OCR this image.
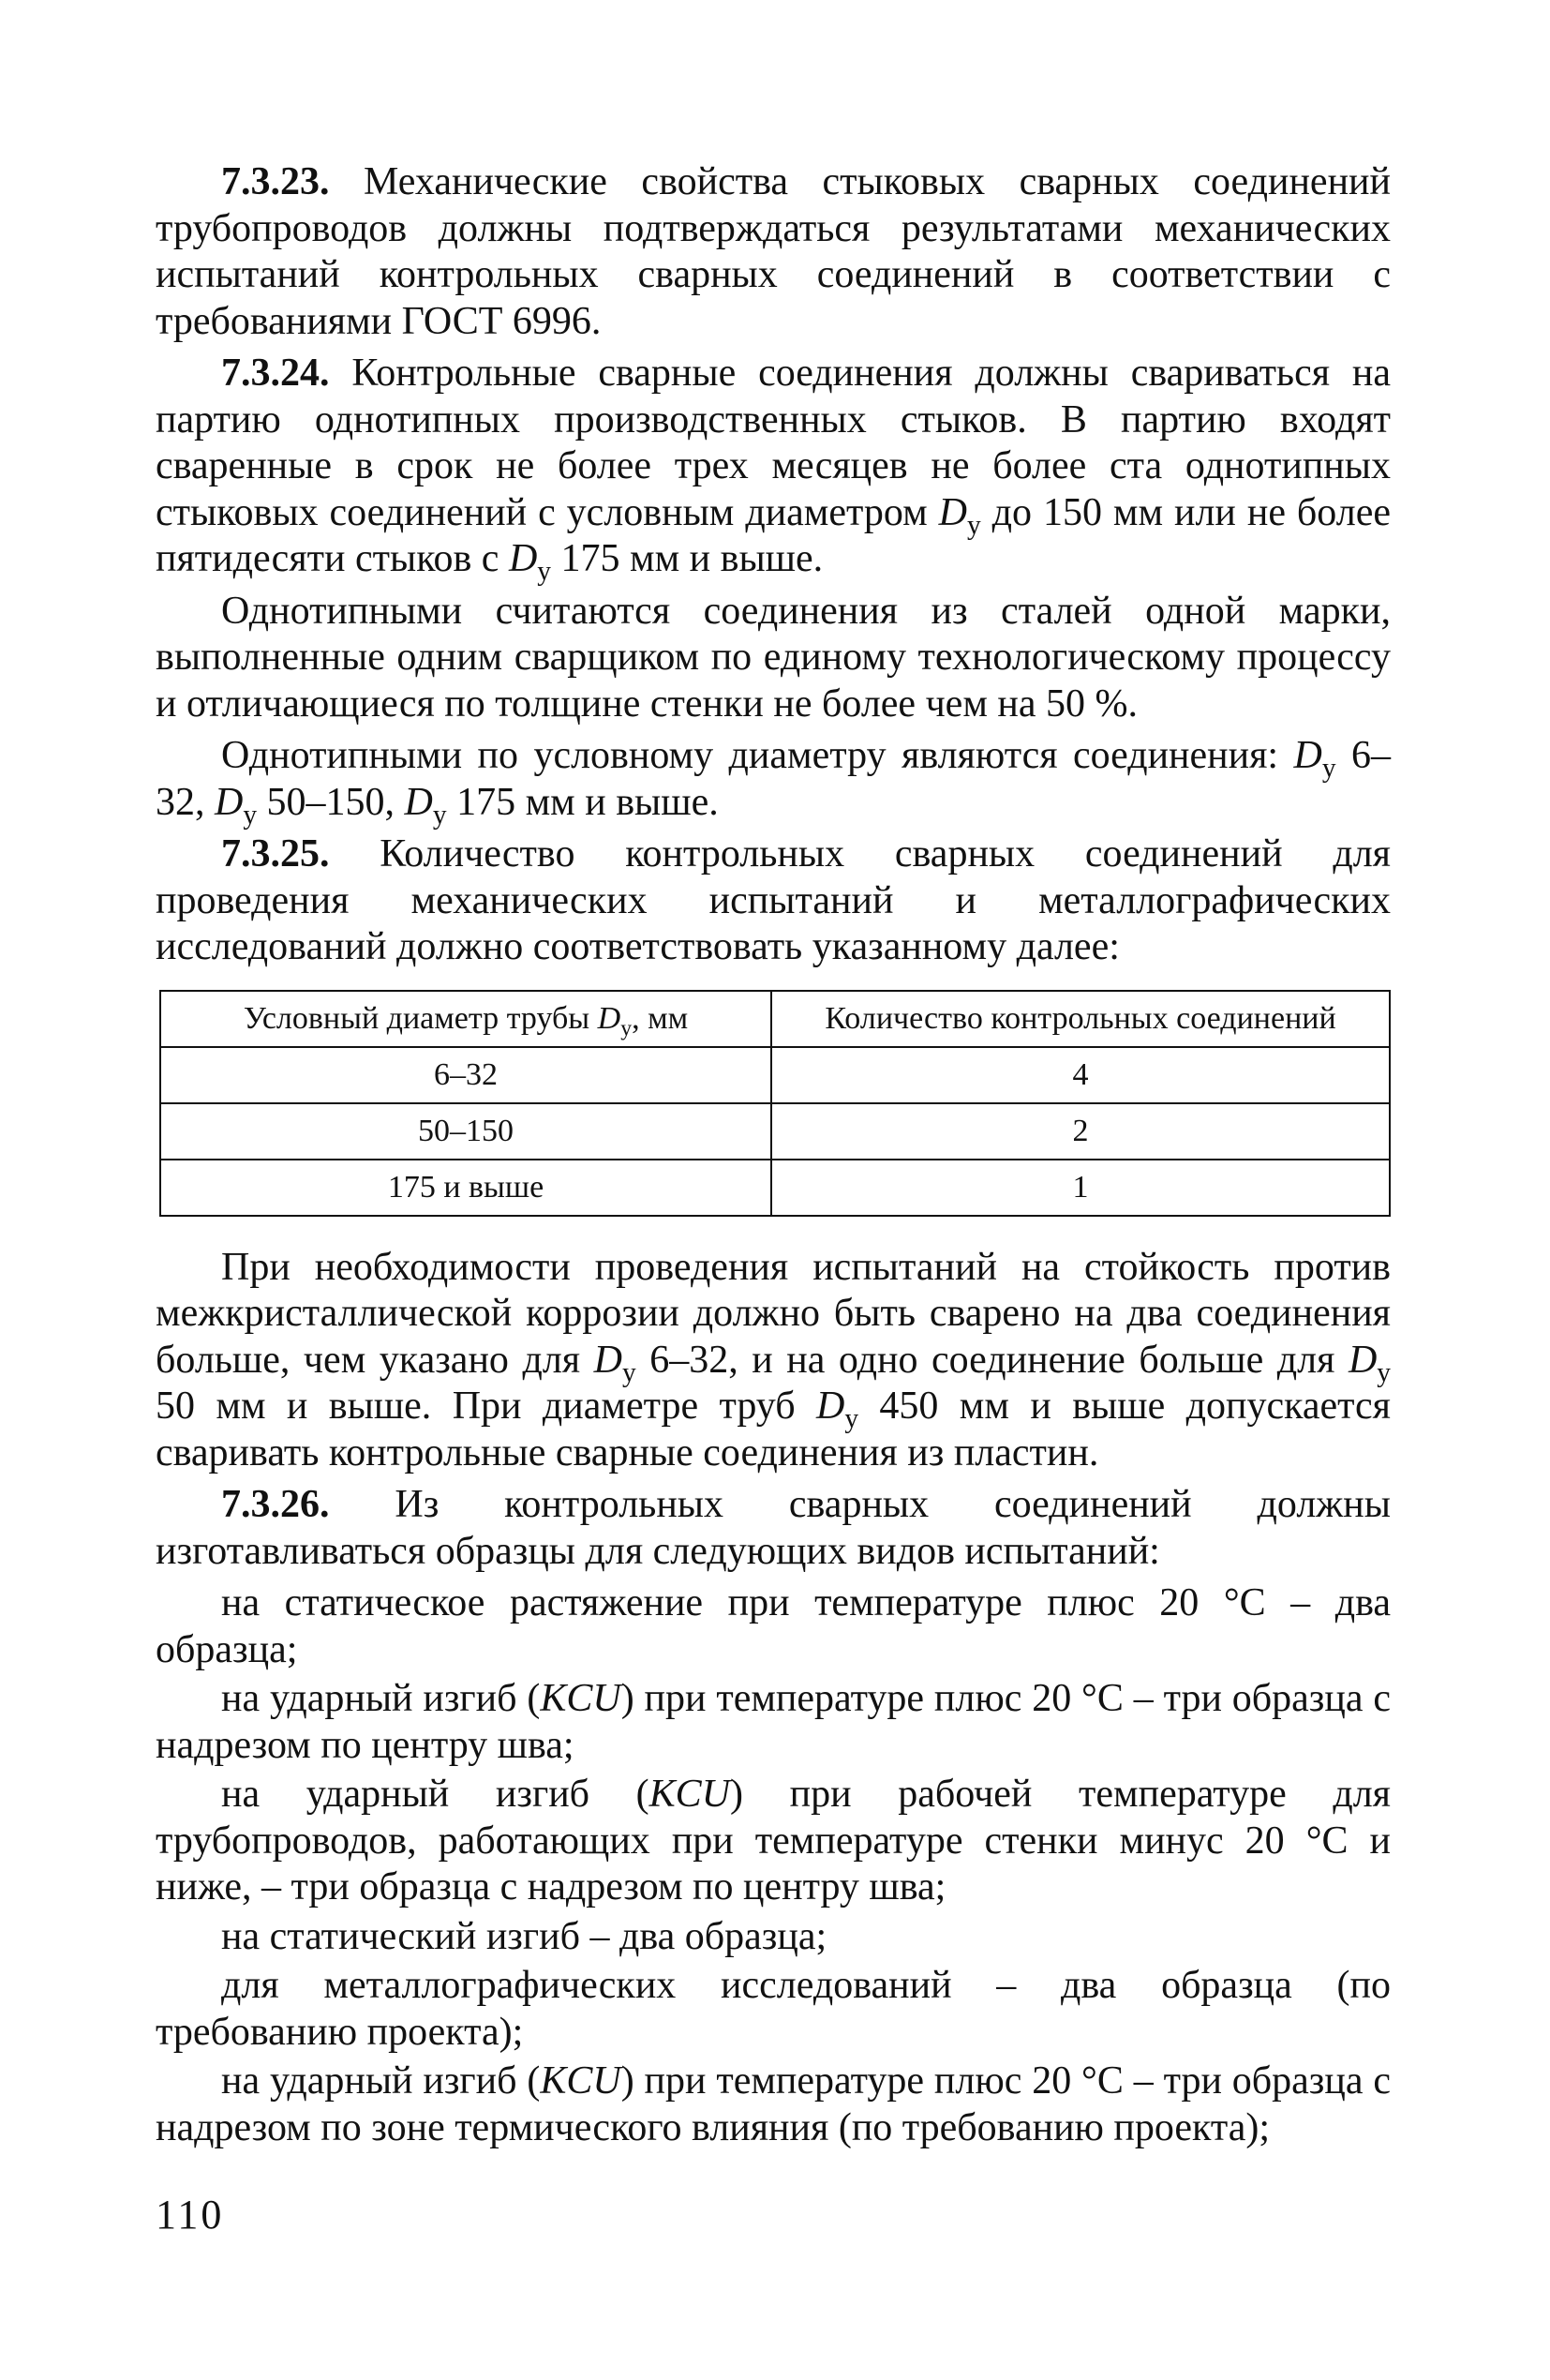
7.3.23. Механические свойства стыковых сварных соединений трубопроводов должны подтверждаться результатами механических испытаний контрольных сварных соединений в соответствии с требованиями ГОСТ 6996.

7.3.24. Контрольные сварные соединения должны свариваться на партию однотипных производственных стыков. В партию входят сваренные в срок не более трех месяцев не более ста однотипных стыковых соединений с условным диаметром $D_у$ до 150 мм или не более пятидесяти стыков с $D_у$ 175 мм и выше.

Однотипными считаются соединения из сталей одной марки, выполненные одним сварщиком по единому технологическому процессу и отличающиеся по толщине стенки не более чем на 50 %.

Однотипными по условному диаметру являются соединения: $D_у$ 6–32, $D_у$ 50–150, $D_у$ 175 мм и выше.

7.3.25. Количество контрольных сварных соединений для проведения механических испытаний и металлографических исследований должно соответствовать указанному далее:

Условный диаметр трубы $D_у$, мм	Количество контрольных соединений
6–32	4
50–150	2
175 и выше	1

При необходимости проведения испытаний на стойкость против межкристаллической коррозии должно быть сварено на два соединения больше, чем указано для $D_у$ 6–32, и на одно соединение больше для $D_у$ 50 мм и выше. При диаметре труб $D_у$ 450 мм и выше допускается сваривать контрольные сварные соединения из пластин.

7.3.26. Из контрольных сварных соединений должны изготавливаться образцы для следующих видов испытаний:

на статическое растяжение при температуре плюс 20 °С – два образца;

на ударный изгиб (KCU) при температуре плюс 20 °С – три образца с надрезом по центру шва;

на ударный изгиб (KCU) при рабочей температуре для трубопроводов, работающих при температуре стенки минус 20 °С и ниже, – три образца с надрезом по центру шва;

на статический изгиб – два образца;

для металлографических исследований – два образца (по требованию проекта);

на ударный изгиб (KCU) при температуре плюс 20 °С – три образца с надрезом по зоне термического влияния (по требованию проекта);

110
